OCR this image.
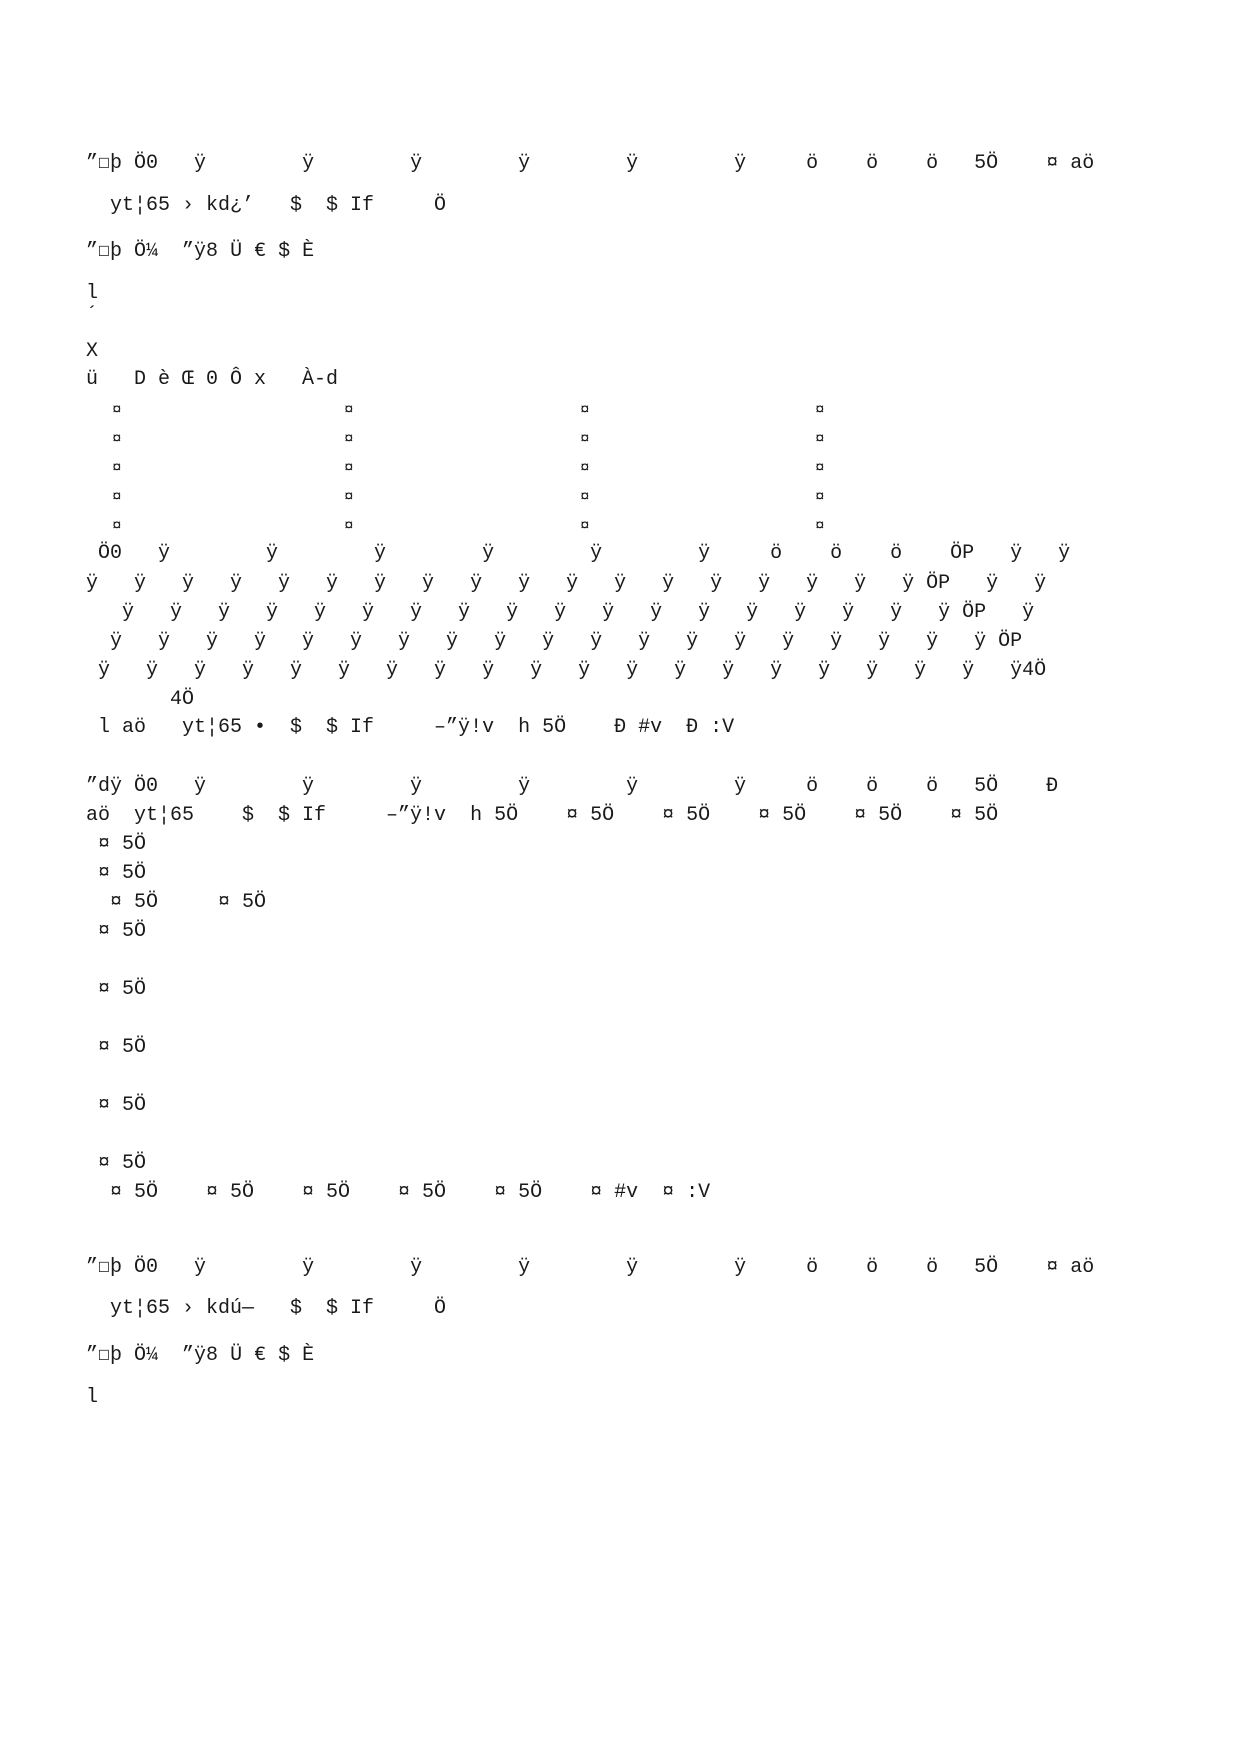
”☐þ Ö0   ÿ        ÿ        ÿ        ÿ        ÿ        ÿ     ö    ö    ö   5Ö    ¤ aö
yt¦65 › kd¿’   $  $ If     Ö
”☐þ Ö¼  ”ÿ8 Ü € $ È
l
´
X
ü   D è Œ 0 Ô x   À-d
Ö0   ÿ        ÿ        ÿ        ÿ        ÿ        ÿ     ö    ö    ö    ÖP   ÿ   ÿ
ÿ   ÿ   ÿ   ÿ   ÿ   ÿ   ÿ   ÿ   ÿ   ÿ   ÿ   ÿ   ÿ   ÿ   ÿ   ÿ   ÿ   ÿ ÖP   ÿ   ÿ
ÿ   ÿ   ÿ   ÿ   ÿ   ÿ   ÿ   ÿ   ÿ   ÿ   ÿ   ÿ   ÿ   ÿ   ÿ   ÿ   ÿ   ÿ ÖP   ÿ
ÿ   ÿ   ÿ   ÿ   ÿ   ÿ   ÿ   ÿ   ÿ   ÿ   ÿ   ÿ   ÿ   ÿ   ÿ   ÿ   ÿ   ÿ   ÿ ÖP
ÿ   ÿ   ÿ   ÿ   ÿ   ÿ   ÿ   ÿ   ÿ   ÿ   ÿ   ÿ   ÿ   ÿ   ÿ   ÿ   ÿ   ÿ   ÿ   ÿ4Ö
4Ö
l aö   yt¦65 •  $  $ If     –”ÿ!v  h 5Ö    Ð #v  Ð :V
”dÿ Ö0   ÿ        ÿ        ÿ        ÿ        ÿ        ÿ     ö    ö    ö   5Ö    Ð
aö  yt¦65    $  $ If     –”ÿ!v  h 5Ö    ¤ 5Ö    ¤ 5Ö    ¤ 5Ö    ¤ 5Ö    ¤ 5Ö
¤ 5Ö
¤ 5Ö
¤ 5Ö     ¤ 5Ö
¤ 5Ö
¤ 5Ö
¤ 5Ö
¤ 5Ö
¤ 5Ö
¤ 5Ö    ¤ 5Ö    ¤ 5Ö    ¤ 5Ö    ¤ 5Ö    ¤ #v  ¤ :V
”☐þ Ö0   ÿ        ÿ        ÿ        ÿ        ÿ        ÿ     ö    ö    ö   5Ö    ¤ aö
yt¦65 › kdú—   $  $ If     Ö
”☐þ Ö¼  ”ÿ8 Ü € $ È
l
¤	¤	¤	¤
¤	¤	¤	¤
¤	¤	¤	¤
¤	¤	¤	¤
¤	¤	¤	¤
